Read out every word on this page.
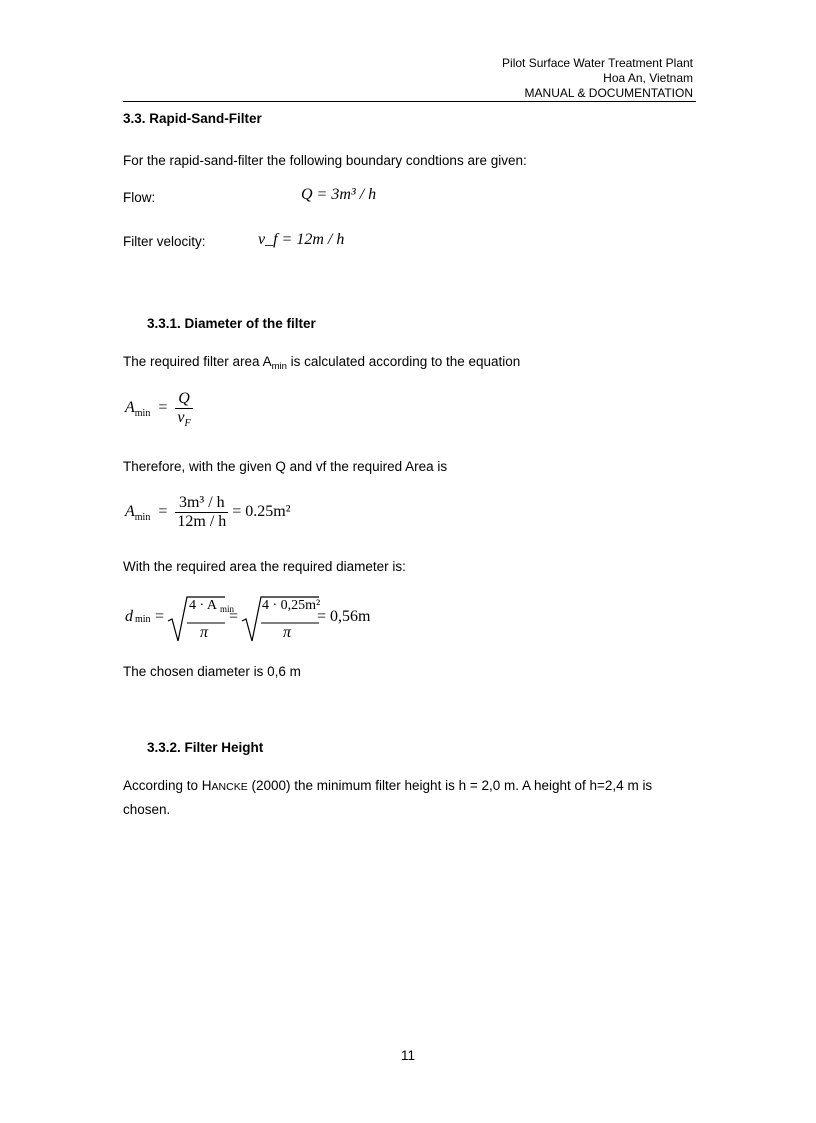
Pilot Surface Water Treatment Plant
Hoa An, Vietnam
MANUAL & DOCUMENTATION
3.3. Rapid-Sand-Filter
For the rapid-sand-filter the following boundary condtions are given:
Flow:	Q = 3m³ / h
Filter velocity:	v_f = 12m / h
3.3.1. Diameter of the filter
The required filter area $A_{min}$ is calculated according to the equation
$A_{min} = \frac{Q}{v_F}$
Therefore, with the given Q and vf the required Area is
$A_{min} = \frac{\text{3m³ / h}}{12m / h} = 0.25m^2$
With the required area the required diameter is:
d min =
4 · A min
π
=
4 · 0,25m²
π
= 0,56m
The chosen diameter is 0,6 m
3.3.2. Filter Height
According to HANCKE (2000) the minimum filter height is h = 2,0 m. A height of h=2,4 m is
chosen.
11
